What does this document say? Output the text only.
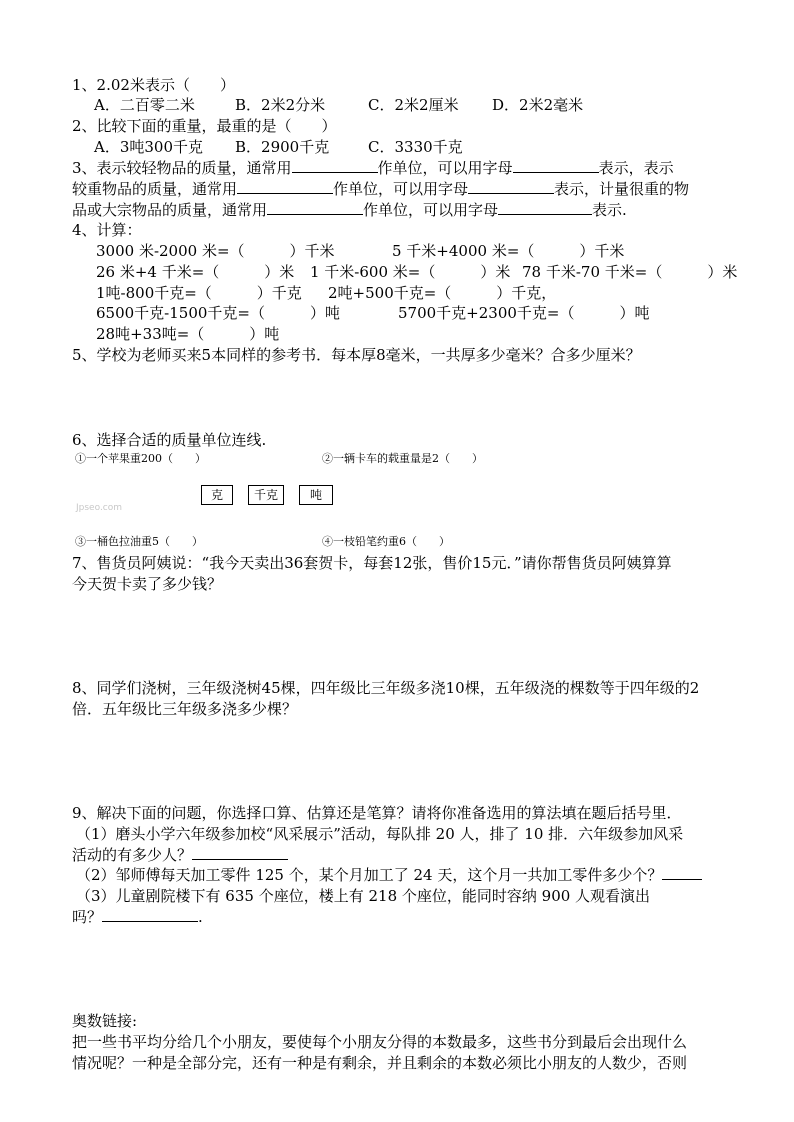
1、2.02米表示（　　）
A．二百零二米	B．2米2分米	C．2米2厘米 D．2米2毫米
2、比较下面的重量，最重的是（　　）
A．3吨300千克 B．2900千克	C．3330千克
3、表示较轻物品的质量，通常用	作单位，可以用字母	表示，表示
较重物品的质量，通常用	作单位，可以用字母	表示，计量很重的物
品或大宗物品的质量，通常用	作单位，可以用字母	表示.
4、计算：
3000 米-2000 米=（　　　）千米	5 千米+4000 米=（　　　）千米
26 米+4 千米=（　　　）米 1 千米-600 米=（　　　）米 78 千米-70 千米=（　　　）米
1吨-800千克=（　　　）千克 2吨+500千克=（　　　）千克，
6500千克-1500千克=（　　　）吨	5700千克+2300千克=（　　　）吨
28吨+33吨=（　　　）吨
5、学校为老师买来5本同样的参考书．每本厚8毫米，一共厚多少毫米？合多少厘米？
6、选择合适的质量单位连线.
①一个苹果重200（　　）	②一辆卡车的载重量是2（　　）
克	千克	吨
Jpseo.com
③一桶色拉油重5（　　）	④一枝铅笔约重6（　　）
7、售货员阿姨说：“我今天卖出36套贺卡，每套12张，售价15元．”请你帮售货员阿姨算算
今天贺卡卖了多少钱？
8、同学们浇树，三年级浇树45棵，四年级比三年级多浇10棵，五年级浇的棵数等于四年级的2
倍．五年级比三年级多浇多少棵？
9、解决下面的问题，你选择口算、估算还是笔算？请将你准备选用的算法填在题后括号里．
（1）磨头小学六年级参加校“风采展示”活动，每队排 20 人，排了 10 排．六年级参加风采
活动的有多少人？
（2）邹师傅每天加工零件 125 个，某个月加工了 24 天，这个月一共加工零件多少个？
（3）儿童剧院楼下有 635 个座位，楼上有 218 个座位，能同时容纳 900 人观看演出
吗？	.
奥数链接:
把一些书平均分给几个小朋友，要使每个小朋友分得的本数最多，这些书分到最后会出现什么
情况呢？一种是全部分完，还有一种是有剩余，并且剩余的本数必须比小朋友的人数少，否则
